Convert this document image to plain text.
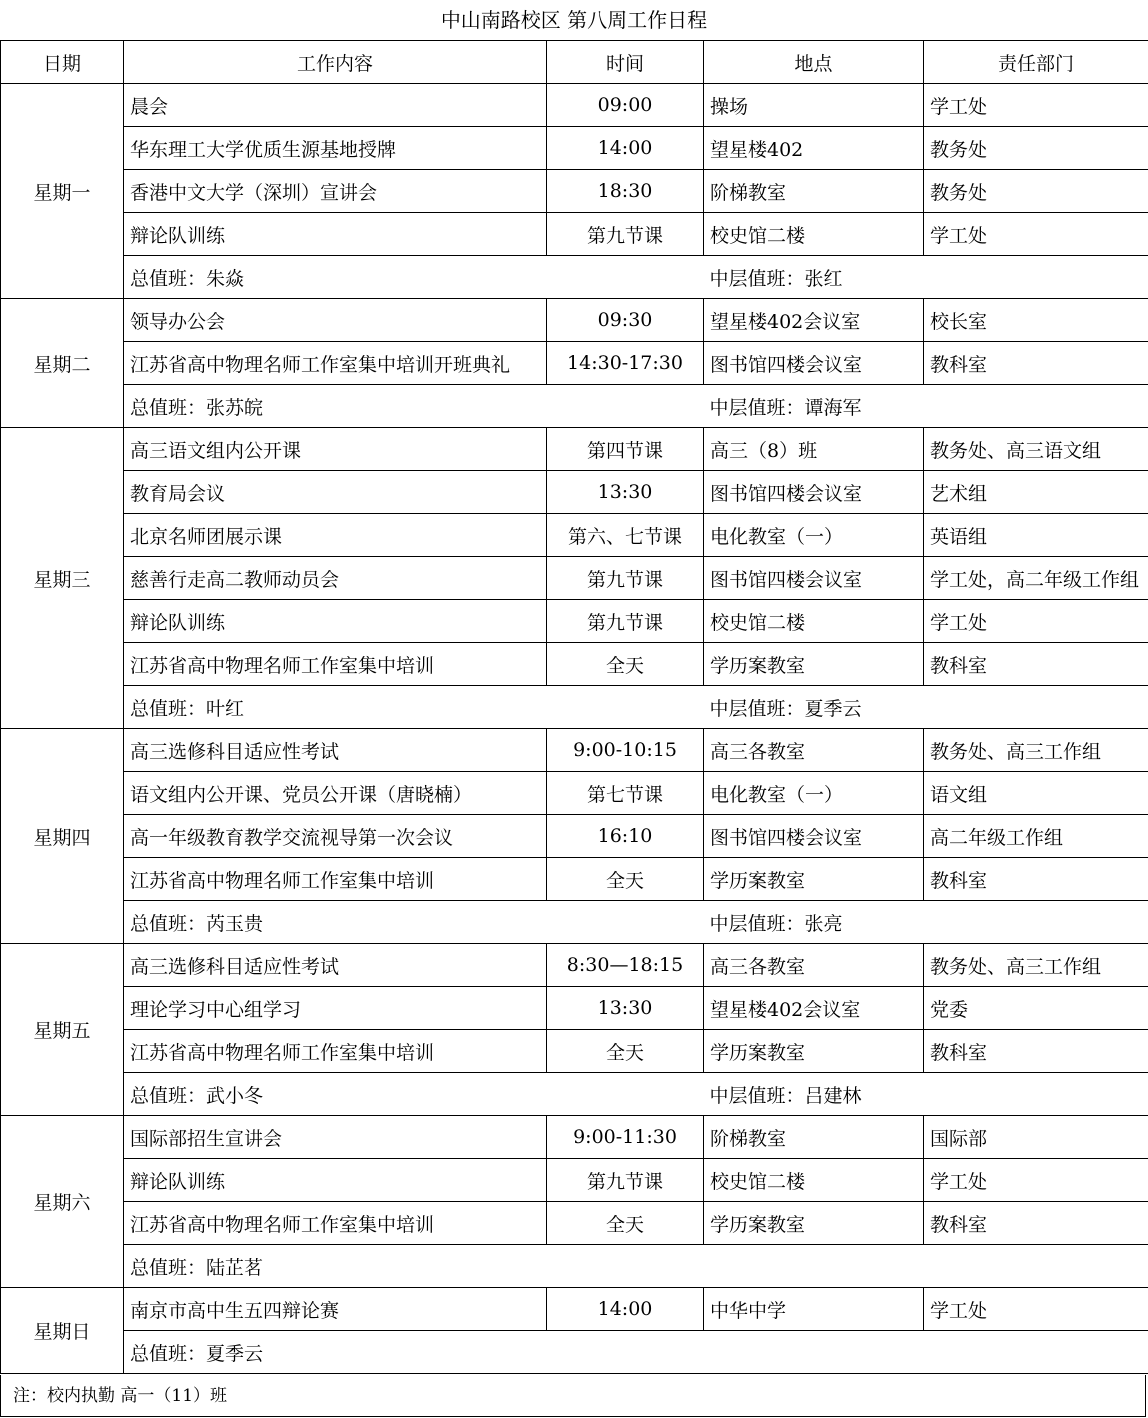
中山南路校区 第八周工作日程
日期	工作内容	时间	地点	责任部门
星期一	晨会	09:00	操场	学工处
	华东理工大学优质生源基地授牌	14:00	望星楼402	教务处
	香港中文大学（深圳）宣讲会	18:30	阶梯教室	教务处
	辩论队训练	第九节课	校史馆二楼	学工处
	总值班：朱焱		中层值班：张红	
星期二	领导办公会	09:30	望星楼402会议室	校长室
	江苏省高中物理名师工作室集中培训开班典礼	14:30-17:30	图书馆四楼会议室	教科室
	总值班：张苏皖		中层值班：谭海军	
星期三	高三语文组内公开课	第四节课	高三（8）班	教务处、高三语文组
	教育局会议	13:30	图书馆四楼会议室	艺术组
	北京名师团展示课	第六、七节课	电化教室（一）	英语组
	慈善行走高二教师动员会	第九节课	图书馆四楼会议室	学工处，高二年级工作组
	辩论队训练	第九节课	校史馆二楼	学工处
	江苏省高中物理名师工作室集中培训	全天	学历案教室	教科室
	总值班：叶红		中层值班：夏季云	
星期四	高三选修科目适应性考试	9:00-10:15	高三各教室	教务处、高三工作组
	语文组内公开课、党员公开课（唐晓楠）	第七节课	电化教室（一）	语文组
	高一年级教育教学交流视导第一次会议	16:10	图书馆四楼会议室	高二年级工作组
	江苏省高中物理名师工作室集中培训	全天	学历案教室	教科室
	总值班：芮玉贵		中层值班：张亮	
星期五	高三选修科目适应性考试	8:30—18:15	高三各教室	教务处、高三工作组
	理论学习中心组学习	13:30	望星楼402会议室	党委
	江苏省高中物理名师工作室集中培训	全天	学历案教室	教科室
	总值班：武小冬		中层值班：吕建林	
星期六	国际部招生宣讲会	9:00-11:30	阶梯教室	国际部
	辩论队训练	第九节课	校史馆二楼	学工处
	江苏省高中物理名师工作室集中培训	全天	学历案教室	教科室
	总值班：陆芷茗			
星期日	南京市高中生五四辩论赛	14:00	中华中学	学工处
	总值班：夏季云			
注：校内执勤 高一（11）班
